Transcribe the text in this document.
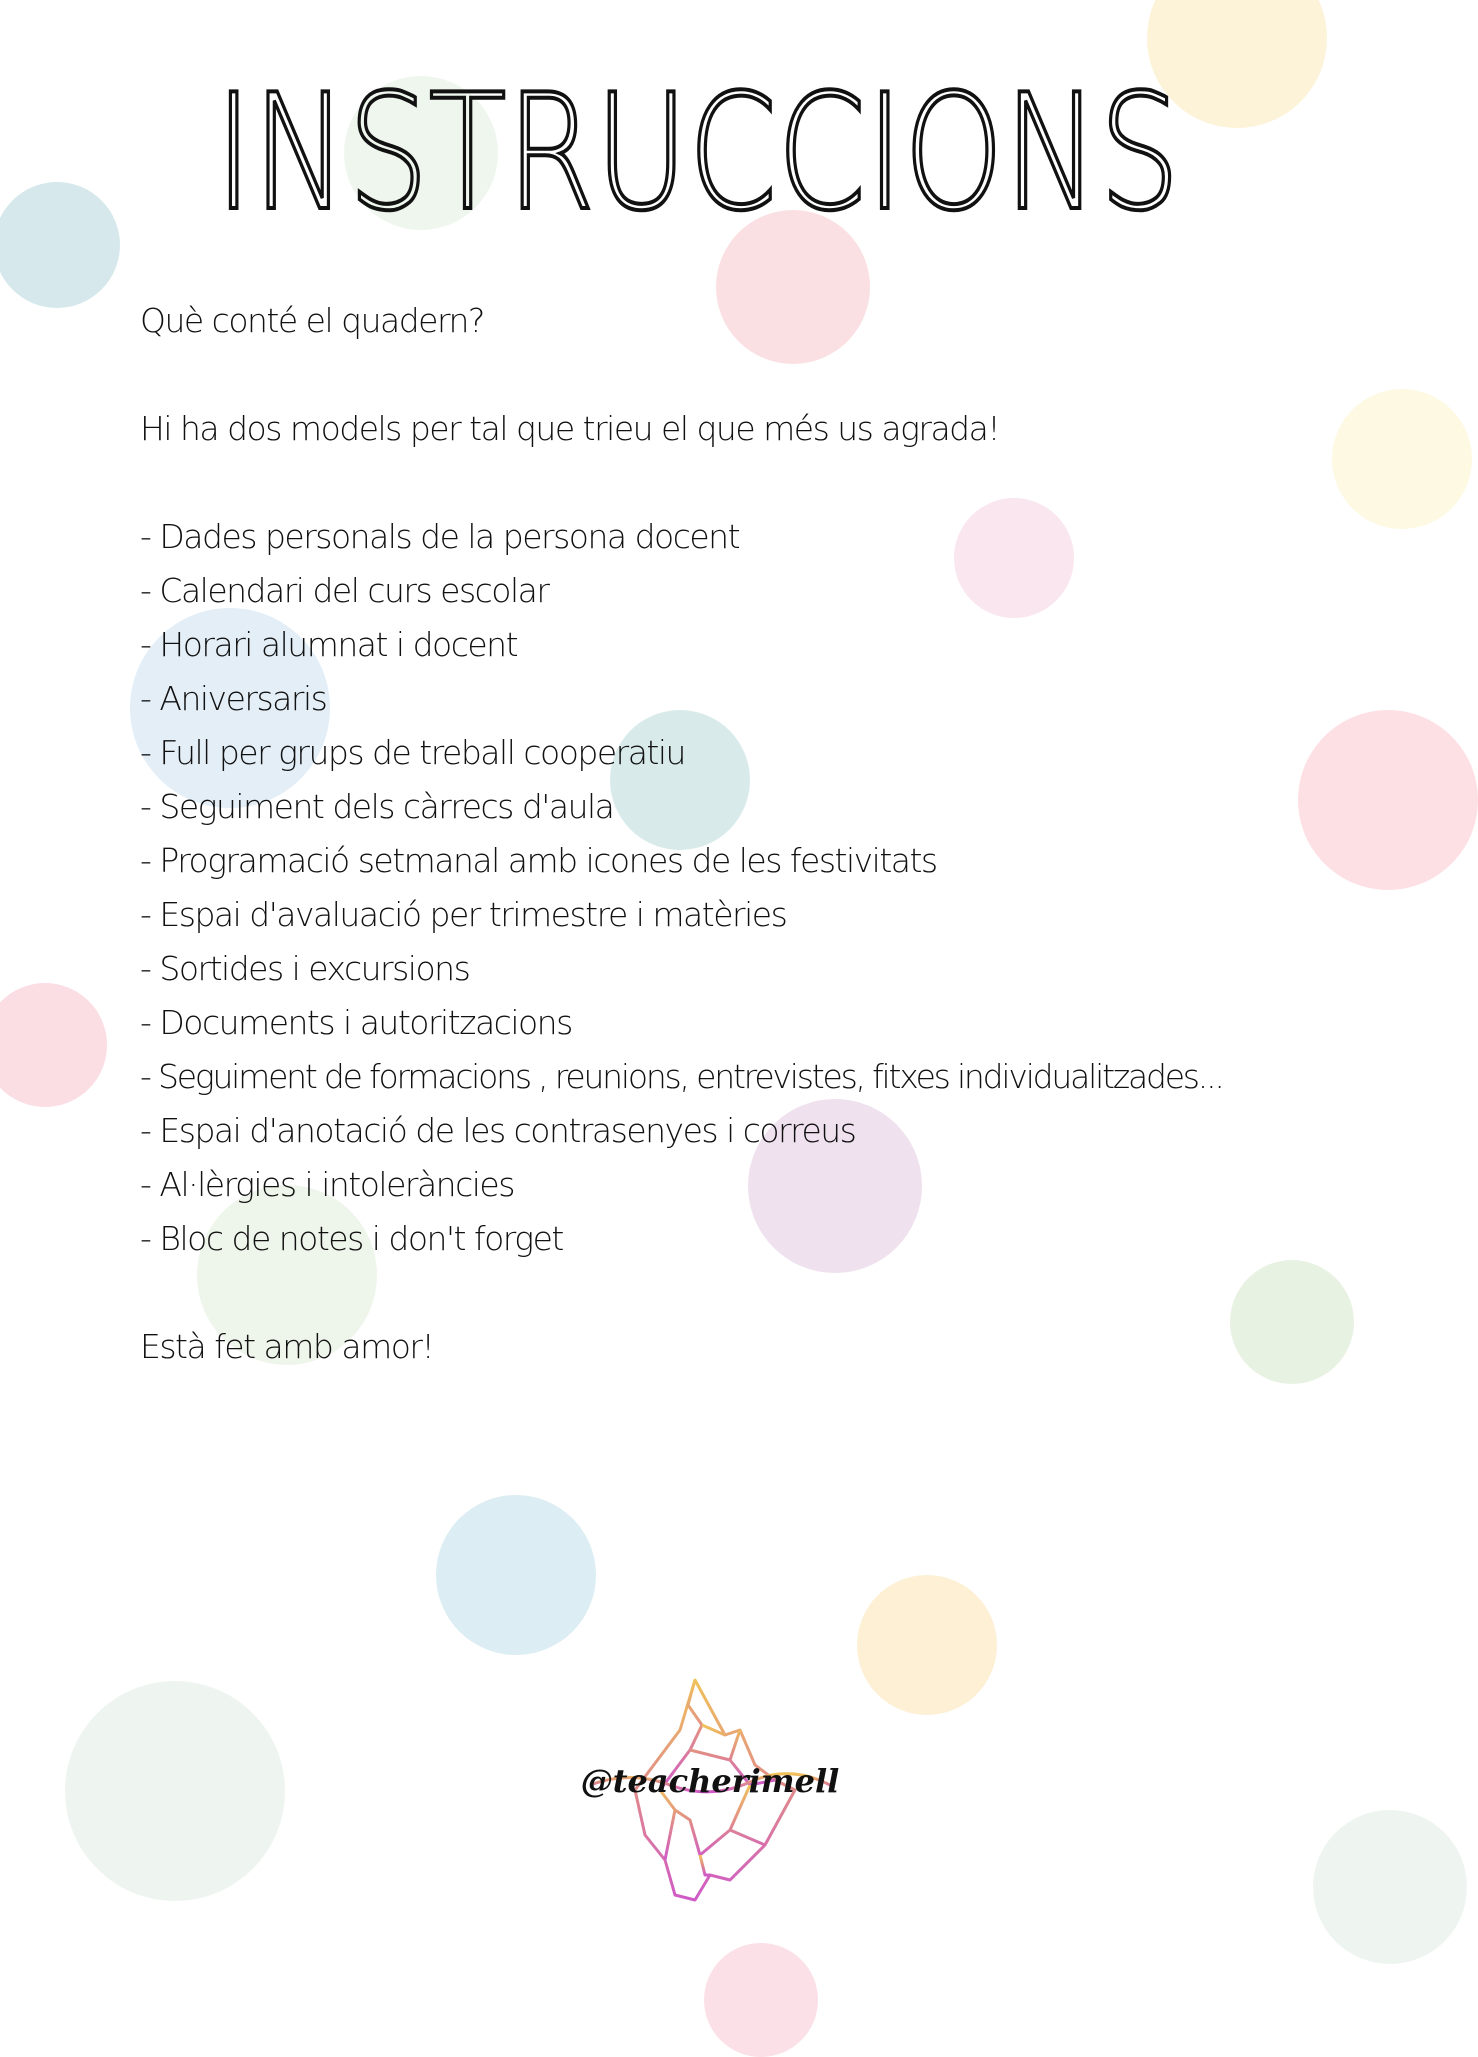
INSTRUCCIONS

Què conté el quadern?

Hi ha dos models per tal que trieu el que més us agrada!

- Dades personals de la persona docent
- Calendari del curs escolar
- Horari alumnat i docent
- Aniversaris
- Full per grups de treball cooperatiu
- Seguiment dels càrrecs d'aula
- Programació setmanal amb icones de les festivitats
- Espai d'avaluació per trimestre i matèries
- Sortides i excursions
- Documents i autoritzacions
- Seguiment de formacions , reunions, entrevistes, fitxes individualitzades...
- Espai d'anotació de les contrasenyes i correus
- Al·lèrgies i intoleràncies
- Bloc de notes i don't forget

Està fet amb amor!

@teacherimell
